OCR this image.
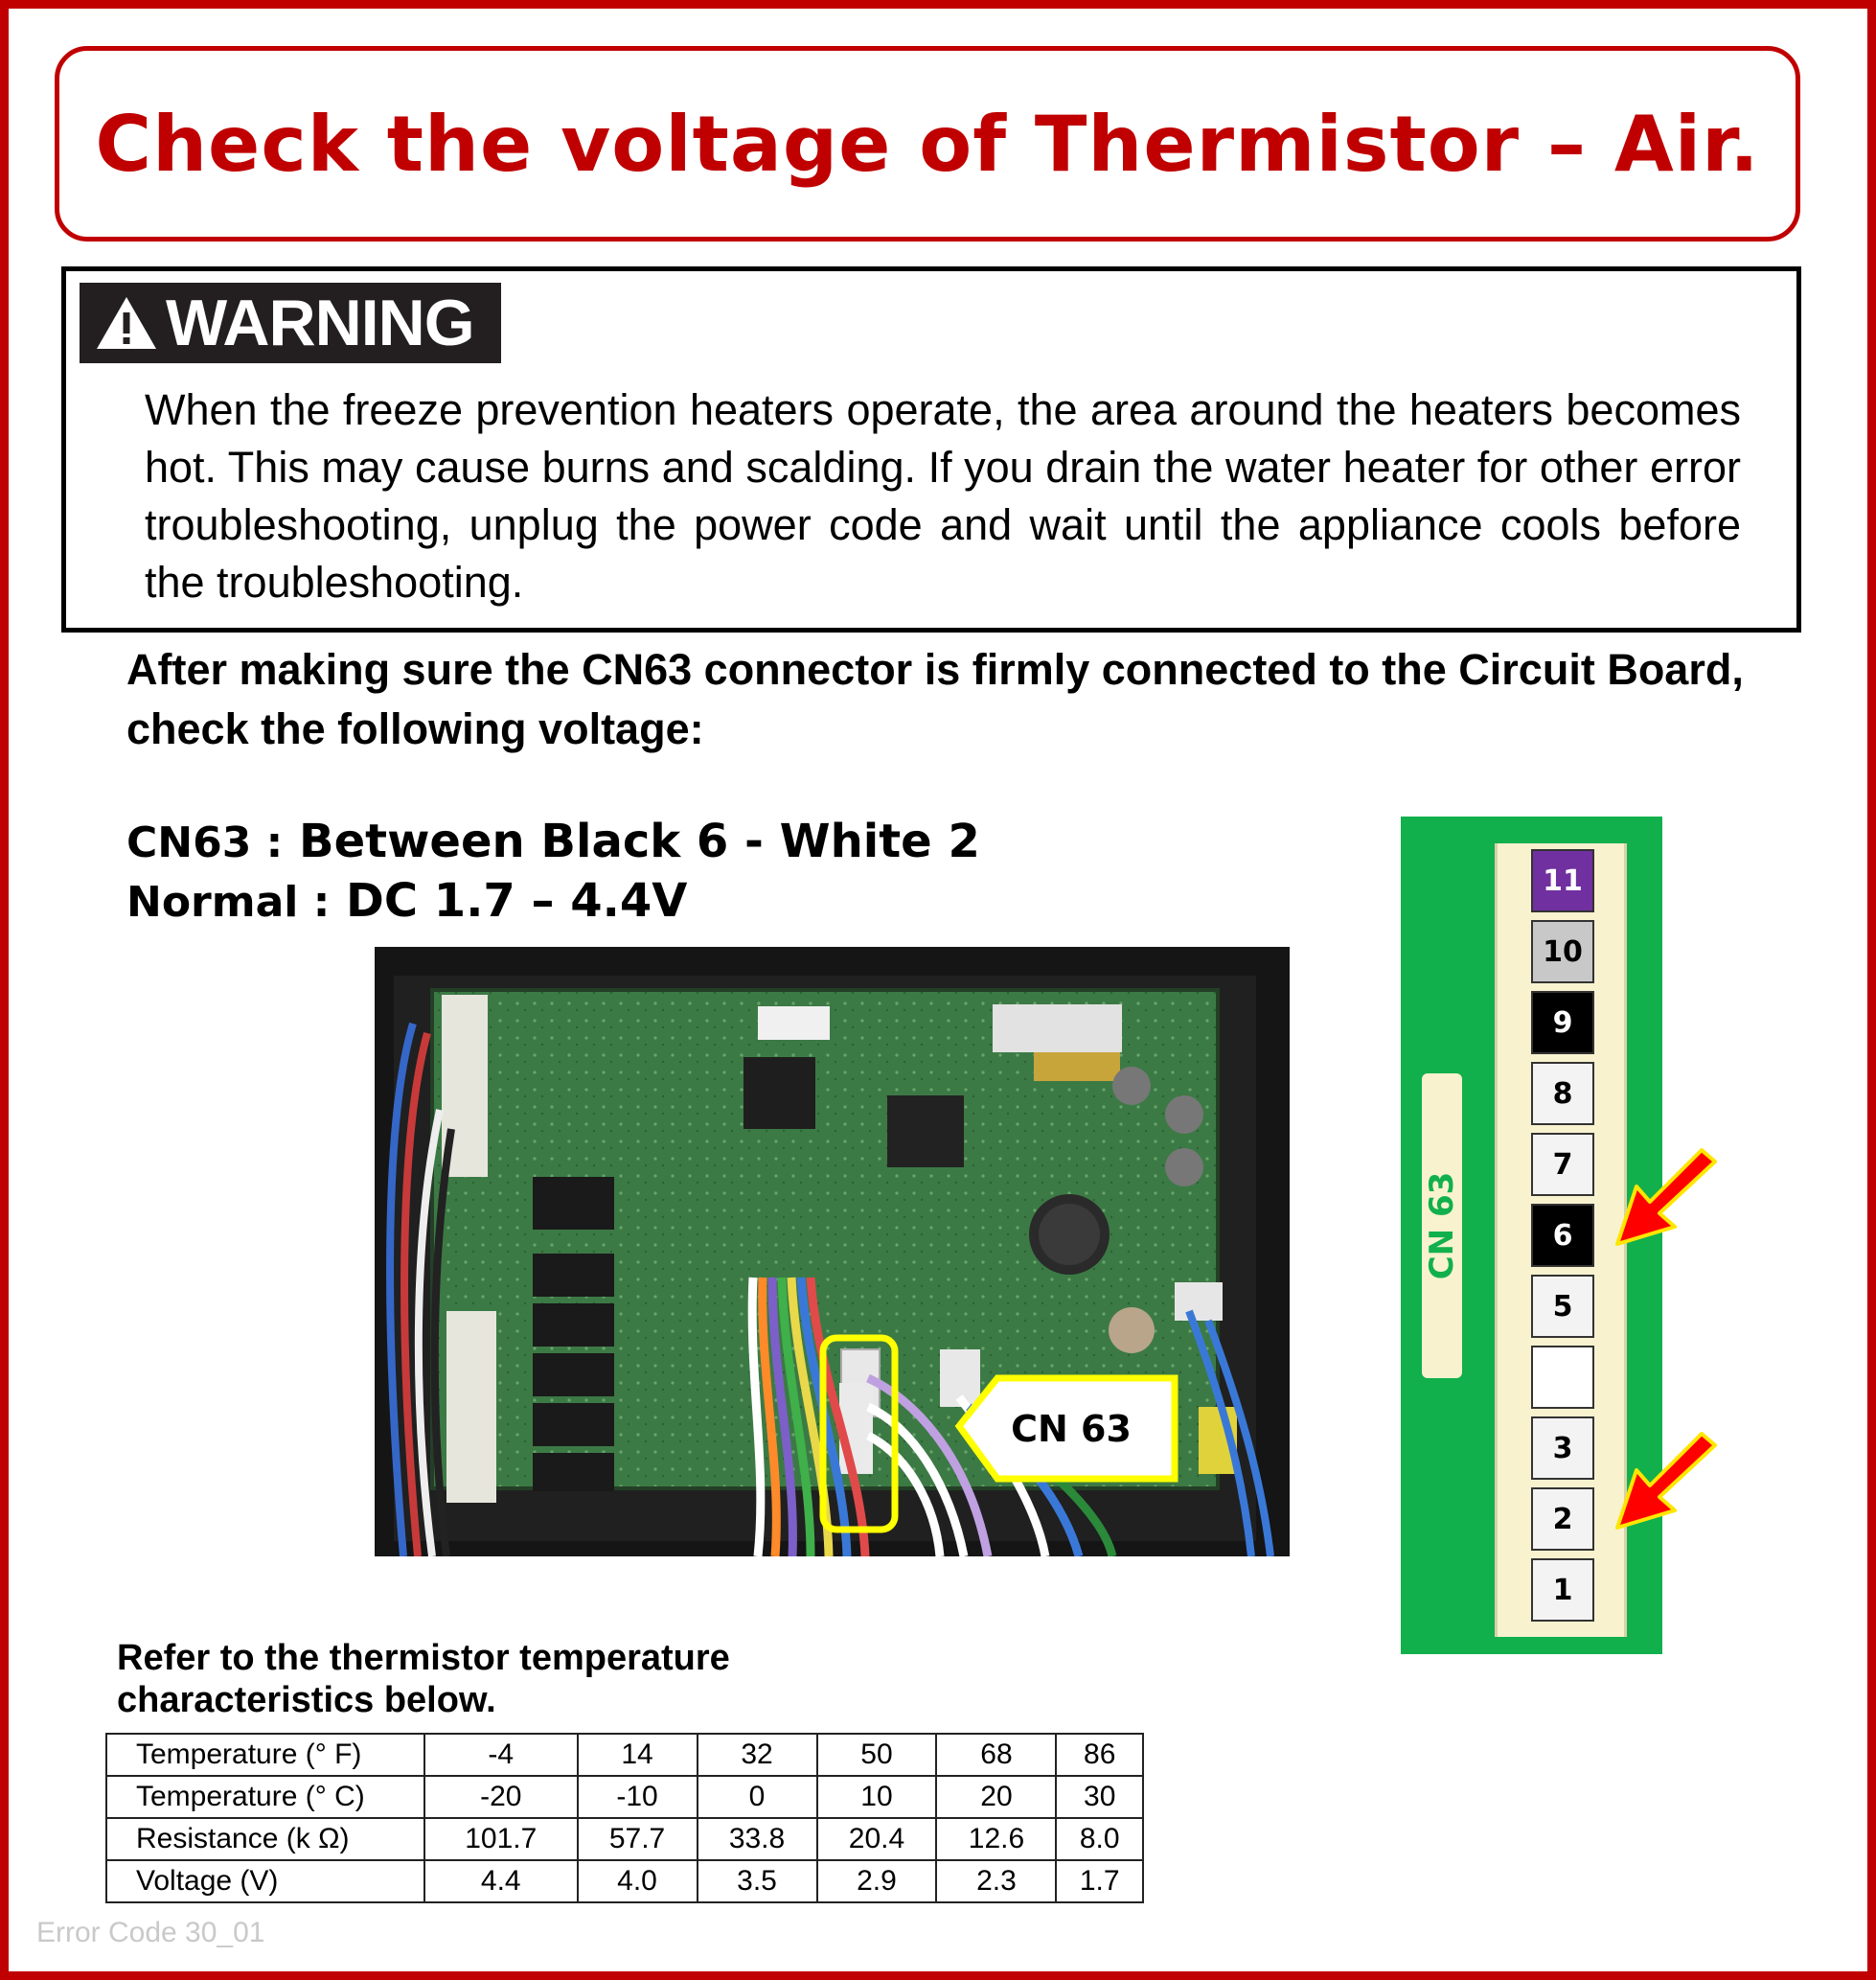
Check the voltage of Thermistor – Air.
WARNING
When the freeze prevention heaters operate, the area around the heaters becomes hot. This may cause burns and scalding. If you drain the water heater for other error troubleshooting, unplug the power code and wait until the appliance cools before the troubleshooting.
After making sure the CN63 connector is firmly connected to the Circuit Board, check the following voltage:
CN63 : Between Black 6 - White 2
Normal : DC 1.7 – 4.4V
CN 63
CN 63
11
10
9
8
7
6
5
3
2
1
Refer to the thermistor temperature
characteristics below.
Temperature (° F)	-4	14	32	50	68	86
Temperature (° C)	-20	-10	0	10	20	30
Resistance (k Ω)	101.7	57.7	33.8	20.4	12.6	8.0
Voltage (V)	4.4	4.0	3.5	2.9	2.3	1.7
Error Code 30_01
